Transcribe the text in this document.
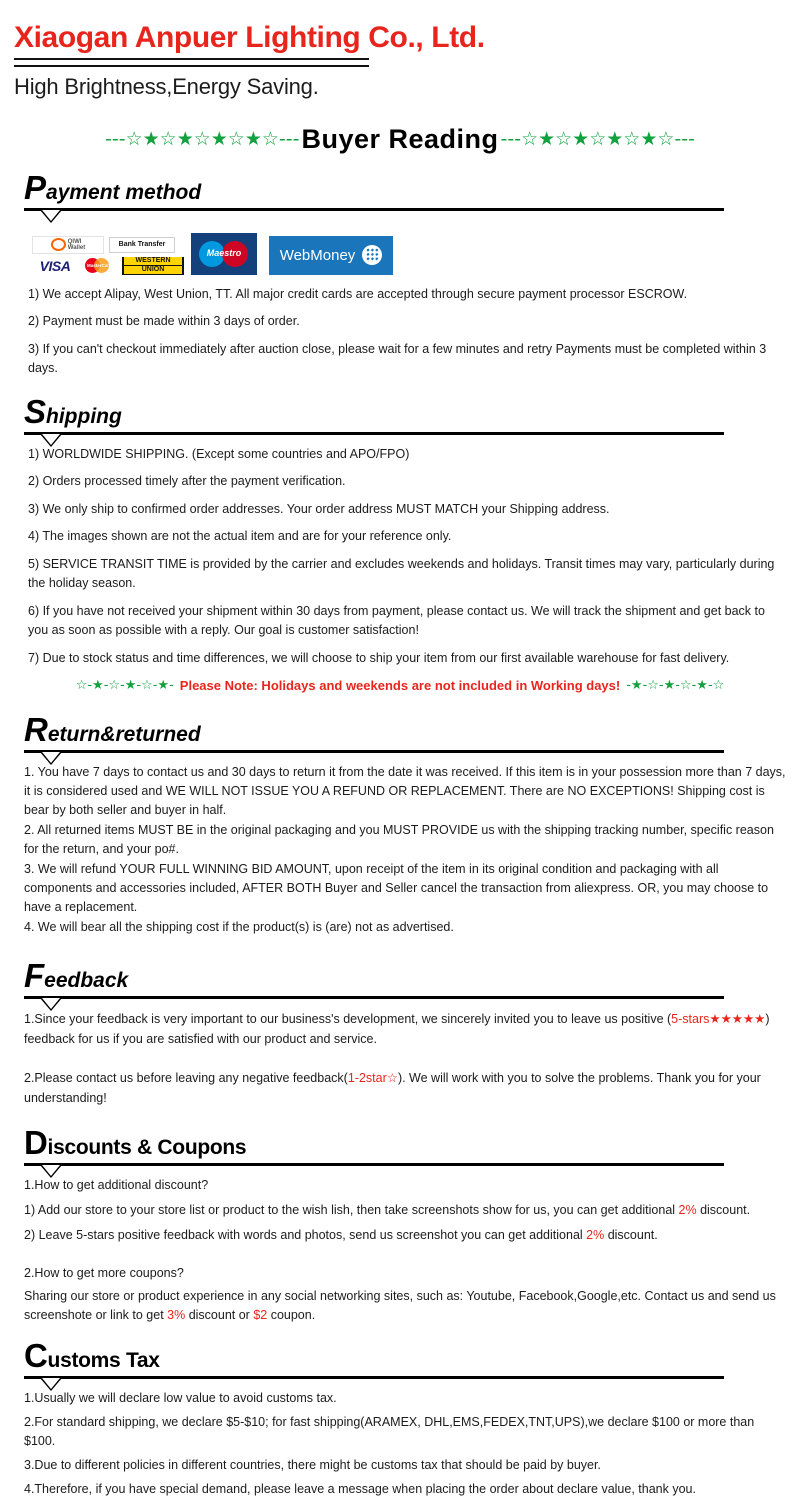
Xiaogan Anpuer Lighting Co., Ltd.
High Brightness,Energy Saving.
---☆★☆★☆★☆★☆--- Buyer Reading ---☆★☆★☆★☆★☆---
Payment method
QIWI
Wallet	Bank Transfer
VISA	MasterCard
WESTERN
UNION
Maestro	WebMoney
1) We accept Alipay, West Union, TT. All major credit cards are accepted through secure payment processor ESCROW.
2) Payment must be made within 3 days of order.
3) If you can't checkout immediately after auction close, please wait for a few minutes and retry Payments must be completed within 3 days.
Shipping
1) WORLDWIDE SHIPPING. (Except some countries and APO/FPO)
2) Orders processed timely after the payment verification.
3) We only ship to confirmed order addresses. Your order address MUST MATCH your Shipping address.
4) The images shown are not the actual item and are for your reference only.
5) SERVICE TRANSIT TIME is provided by the carrier and excludes weekends and holidays. Transit times may vary, particularly during the holiday season.
6) If you have not received your shipment within 30 days from payment, please contact us. We will track the shipment and get back to you as soon as possible with a reply. Our goal is customer satisfaction!
7) Due to stock status and time differences, we will choose to ship your item from our first available warehouse for fast delivery.
☆-★-☆-★-☆-★- Please Note: Holidays and weekends are not included in Working days! -★-☆-★-☆-★-☆
Return&returned
1. You have 7 days to contact us and 30 days to return it from the date it was received. If this item is in your possession more than 7 days, it is considered used and WE WILL NOT ISSUE YOU A REFUND OR REPLACEMENT. There are NO EXCEPTIONS! Shipping cost is bear by both seller and buyer in half.
2. All returned items MUST BE in the original packaging and you MUST PROVIDE us with the shipping tracking number, specific reason for the return, and your po#.
3. We will refund YOUR FULL WINNING BID AMOUNT, upon receipt of the item in its original condition and packaging with all components and accessories included, AFTER BOTH Buyer and Seller cancel the transaction from aliexpress. OR, you may choose to have a replacement.
4. We will bear all the shipping cost if the product(s) is (are) not as advertised.
Feedback
1.Since your feedback is very important to our business's development, we sincerely invited you to leave us positive (5-stars★★★★★) feedback for us if you are satisfied with our product and service.
2.Please contact us before leaving any negative feedback(1-2star☆). We will work with you to solve the problems. Thank you for your understanding!
Discounts & Coupons
1.How to get additional discount?
1) Add our store to your store list or product to the wish lish, then take screenshots show for us, you can get additional 2% discount.
2) Leave 5-stars positive feedback with words and photos, send us screenshot you can get additional 2% discount.
2.How to get more coupons?
Sharing our store or product experience in any social networking sites, such as: Youtube, Facebook,Google,etc. Contact us and send us screenshote or link to get 3% discount or $2 coupon.
Customs Tax
1.Usually we will declare low value to avoid customs tax.
2.For standard shipping, we declare $5-$10; for fast shipping(ARAMEX, DHL,EMS,FEDEX,TNT,UPS),we declare $100 or more than $100.
3.Due to different policies in different countries, there might be customs tax that should be paid by buyer.
4.Therefore, if you have special demand, please leave a message when placing the order about declare value, thank you.
